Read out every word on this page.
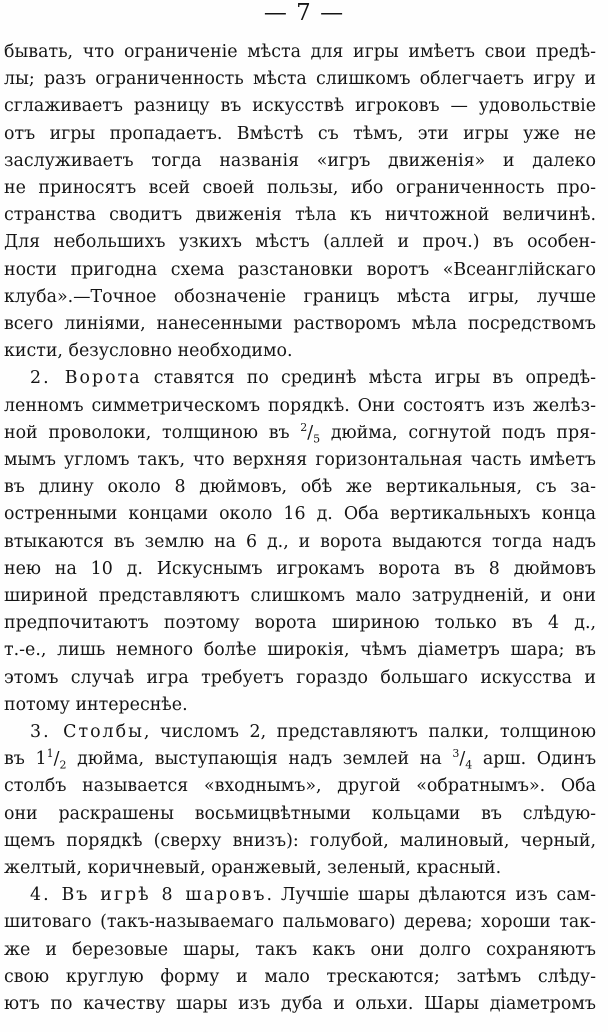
— 7 —
бывать, что ограниченіе мѣста для игры имѣетъ свои предѣ-
лы; разъ ограниченность мѣста слишкомъ облегчаетъ игру и
сглаживаетъ разницу въ искусствѣ игроковъ — удовольствіе
отъ игры пропадаетъ. Вмѣстѣ съ тѣмъ, эти игры уже не
заслуживаетъ тогда названія «игръ движенія» и далеко
не приносятъ всей своей пользы, ибо ограниченность про-
странства сводитъ движенія тѣла къ ничтожной величинѣ.
Для небольшихъ узкихъ мѣстъ (аллей и проч.) въ особен-
ности пригодна схема разстановки воротъ «Всеанглійскаго
клуба».—Точное обозначеніе границъ мѣста игры, лучше
всего линіями, нанесенными растворомъ мѣла посредствомъ
кисти, безусловно необходимо.
2. Ворота ставятся по срединѣ мѣста игры въ опредѣ-
ленномъ симметрическомъ порядкѣ. Они состоятъ изъ желѣз-
ной проволоки, толщиною въ $^2/_5$ дюйма, согнутой подъ пря-
мымъ угломъ такъ, что верхняя горизонтальная часть имѣетъ
въ длину около 8 дюймовъ, обѣ же вертикальныя, съ за-
остренными концами около 16 д. Оба вертикальныхъ конца
втыкаются въ землю на 6 д., и ворота выдаются тогда надъ
нею на 10 д. Искуснымъ игрокамъ ворота въ 8 дюймовъ
шириной представляютъ слишкомъ мало затрудненій, и они
предпочитаютъ поэтому ворота шириною только въ 4 д.,
т.-е., лишь немного болѣе широкія, чѣмъ діаметръ шара; въ
этомъ случаѣ игра требуетъ гораздо большаго искусства и
потому интереснѣе.
3. Столбы, числомъ 2, представляютъ палки, толщиною
въ $1^1/_2$ дюйма, выступающія надъ землей на $^3/_4$ арш. Одинъ
столбъ называется «входнымъ», другой «обратнымъ». Оба
они раскрашены восьмицвѣтными кольцами въ слѣдую-
щемъ порядкѣ (сверху внизъ): голубой, малиновый, черный,
желтый, коричневый, оранжевый, зеленый, красный.
4. Въ игрѣ 8 шаровъ. Лучшіе шары дѣлаются изъ сам-
шитоваго (такъ-называемаго пальмоваго) дерева; хороши так-
же и березовые шары, такъ какъ они долго сохраняютъ
свою круглую форму и мало трескаются; затѣмъ слѣду-
ютъ по качеству шары изъ дуба и ольхи. Шары діаметромъ
